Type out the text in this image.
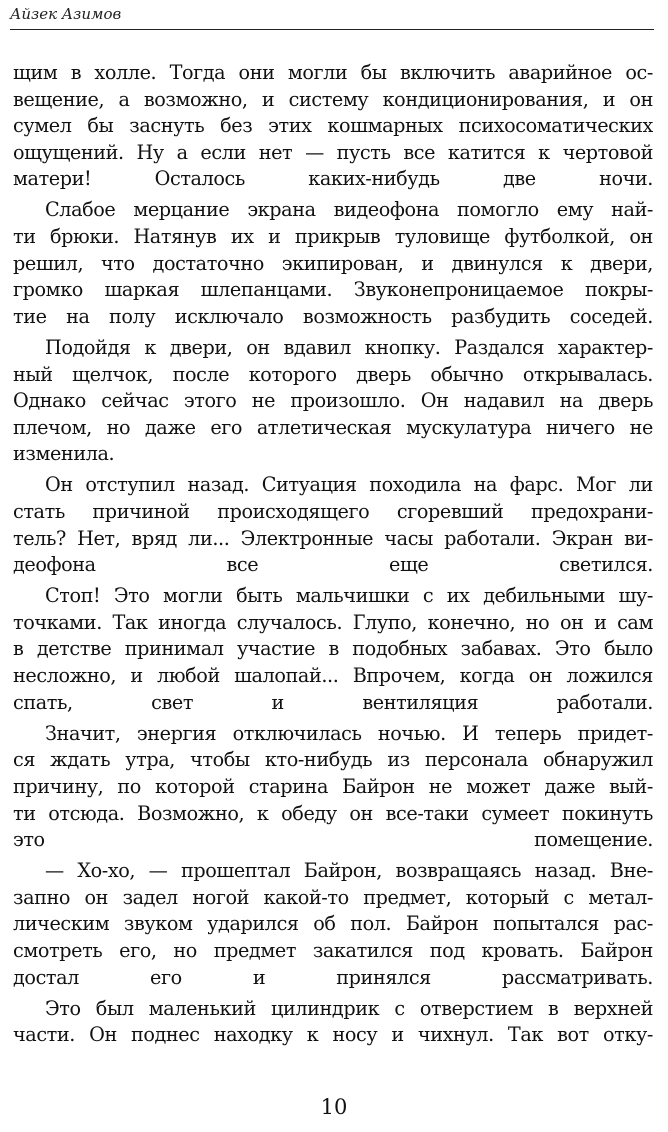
Айзек Азимов
щим в холле. Тогда они могли бы включить аварийное ос-
вещение, а возможно, и систему кондиционирования, и он
сумел бы заснуть без этих кошмарных психосоматических
ощущений. Ну а если нет — пусть все катится к чертовой
матери! Осталось каких-нибудь две ночи.
Слабое мерцание экрана видеофона помогло ему най-
ти брюки. Натянув их и прикрыв туловище футболкой, он
решил, что достаточно экипирован, и двинулся к двери,
громко шаркая шлепанцами. Звуконепроницаемое покры-
тие на полу исключало возможность разбудить соседей.
Подойдя к двери, он вдавил кнопку. Раздался характер-
ный щелчок, после которого дверь обычно открывалась.
Однако сейчас этого не произошло. Он надавил на дверь
плечом, но даже его атлетическая мускулатура ничего не
изменила.
Он отступил назад. Ситуация походила на фарс. Мог ли
стать причиной происходящего сгоревший предохрани-
тель? Нет, вряд ли... Электронные часы работали. Экран ви-
деофона все еще светился.
Стоп! Это могли быть мальчишки с их дебильными шу-
точками. Так иногда случалось. Глупо, конечно, но он и сам
в детстве принимал участие в подобных забавах. Это было
несложно, и любой шалопай... Впрочем, когда он ложился
спать, свет и вентиляция работали.
Значит, энергия отключилась ночью. И теперь придет-
ся ждать утра, чтобы кто-нибудь из персонала обнаружил
причину, по которой старина Байрон не может даже вый-
ти отсюда. Возможно, к обеду он все-таки сумеет покинуть
это помещение.
— Хо-хо, — прошептал Байрон, возвращаясь назад. Вне-
запно он задел ногой какой-то предмет, который с метал-
лическим звуком ударился об пол. Байрон попытался рас-
смотреть его, но предмет закатился под кровать. Байрон
достал его и принялся рассматривать.
Это был маленький цилиндрик с отверстием в верхней
части. Он поднес находку к носу и чихнул. Так вот отку-
10
